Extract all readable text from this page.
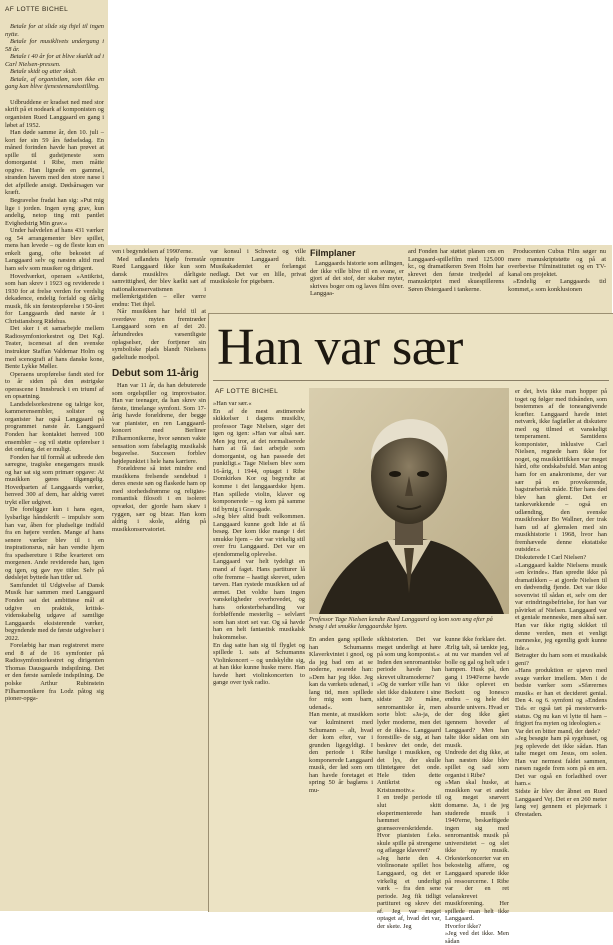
AF LOTTE BICHEL
Betale for at slide sig ihjel til ingen nytte.
Betale for musiklivets undergang i 58 år.
Betale i 40 år for at blive skældt ud i Carl Nielsen-pressen.
Betale skidt og atter skidt.
Betale, af organistløn, som ikke en gang kan blive tjenestemandsstilling.
Udbruddene er kradset ned med stor skrift på et nodeark af komponisten og organisten Rued Langgaard en gang i løbet af 1952.
Han døde samme år, den 10. juli – kort før sin 59 års fødselsdag. En måned forinden havde han prøvet at spille til gudstjeneste som domorganist i Ribe, men måtte opgive. Han lignede en gammel, stranden havem med den store næse i det afpillede ansigt. Dødsårsagen var kræft.
Begravelse fradai han sig: »Put mig lige i jorden. Ingen syng grav, kun andelig, netop ting mit pantlet Evighedstrig Min grav.«
Under halvdelen af hans 431 værker og 54 arrangementer blev spillet, mens han levede – og de fleste kun en enkelt gang, ofte bekostet af Langgaard selv og næsten altid med ham selv som musiker og dirigent.
Hovedværket, operaen »Antikrist, som han skrev i 1923 og reviderede i 1930 for at frelse verden for verdslig dekadence, endelig forfald og dårlig musik, fik sin førsteopførelse i 50-året for Langgaards død næste år i Christiansborg Ridehus.
Det sker i et samarbejde mellem Radiosymfoniorkestret og Det Kgl. Teater, iscenesat af den svenske instruktør Staffan Valdemar Holm og med scenografi af hans danske kone, Bente Lykke Møller.
Operaens uropførelse fandt sted for to år siden på den østrigske operascene i Innsbruck i en triumf af en opsætning.
Landsdelsorkestrene og talrige kor, kammerensembler, solister og organister har også Langgaard på programmet næste år. Langgaard Fonden har kontaktet henved 100 ensembler – og vil støtte opførelser i det omfang, det er muligt.
Fonden har til formål at udbrede den særegne, tragiske enegængers musik og har sat sig som primær opgave: At musikken gøres tilgængelig. Hovedparten af Langgaards værker, henved 300 af dem, har aldrig været trykt eller udgivet.
De foreligger kun i hans egen, lysbarlige håndskrift – impulsiv som han var, åben for pludselige indfald fra en højere verden. Mange af hans senere værker blev til i en inspirationsrus, når han vendte hjem fra spadsereture i Ribe kvarteret om morgenen. Ande reviderede han, igen og igen, og gav nye titler. Selv på dødslejet byttede han titler ud.
Samfundet til Udgivelse af Dansk Musik har sammen med Langgaard Fonden sat det ambitiøse mål at udgive en praktisk, kritisk-videnskabelig udgave af samtlige Langgaards eksisterende værker, begyndende med de første udgivelser i 2022.
Forelæbig har man registreret mere end 8 af de 16 symfonier på Radiosymfoniorkestret og dirigenten Thomas Dausgaards indspilning. Det er den første samlede indspilning. De polske Arthur Rubinstein Filharmonikere fra Lodz påtog sig pioner-opga-
ven i begyndelsen af 1990'erne.
Med udlandets hjælp fremstår Rued Langgaard ikke kun som dansk musiklivs dårligste samvittighed, der blev kælkt sæt af nationalkonservatismen i mellemkrigstiden – eller værre endnu: Tiet ihjel.
Når musikken har held til at overdøve myten fremtræder Langgaard som en af det 20. århundredes væsentligste oplagselser, der fortjener sin symboliske plads blandt Nielsens gadeliude modpol.
Debut som 11-årig
Han var 11 år, da han debuterede som orgelspiller og improvisator. Han var teenager, da han skrev sin første, timelange symfoni. Som 17-årig havde forældrene, der begge var pianister, en ren Langgaard-koncert med Berliner Filharmonikerne, hvor sønnen vakte sensation som fabelagtig musikalsk begavelse. Succesen forblev højdepunktet i hele hans karriere.
Forældrene så intet mindre end musikkens frelsende sendebud i deres eneste søn og flaskede ham op med storhedsdrømme og religiøs-romantisk filosofi i en isoleret opvækst, der gjorde ham skæv i ryggen, sær og bizar. Han kom aldrig i skole, aldrig på musikkonservatoriet.
var konsul i Schweiz og ville opmuntre Langgaard fidt. Musikakademiet er forlængst nedlagt. Det var en lille, privat musikskole for pigebørn.
Filmplaner
Langgaards historie som ællingen, der ikke ville blive til en svane, er gjort af det stof, der skaber myter, skrives boger om og laves film over. Langgaa-
ard Fonden har støttet planen om en Langgaard-spillefilm med 125.000 kr., og dramatikeren Sven Holm har skrevet den første tredjedel af manuskriptet med skuespillerens Søren Østergaard i tankerne.
Producenten Cubus Film søger nu mere manuskriptstøtte og på at overbevise Filminstituttet og en TV-kanal om projektet.
»Endelig er Langgaards tid kommet,« som konklusionen
Han var sær
AF LOTTE BICHEL
»Han var sær.«
En af de mest æstimerede skikkelser i dagens musikliv, professor Tage Nielsen, siger det igen og igen: »Han var altså sær. Men jeg tror, at det normaliserede ham at få fast arbejde som domorganist, og han passede det punktligt.« Tage Nielsen blev som 16-årig, i 1944, optaget i Ribe Domkirkes Kor og begyndte at komme i det langgaardske hjem. Han spillede violin, klaver og komponerede – og kom på samme tid bymig i Gravsgade.
»Jeg blev altid budt velkommen. Langgaard kunne godt lide at få besøg. Der kom ikke mange i det smukke hjem – der var virkelig stil over fru Langgaard. Det var en ejendommelig oplevelse.
Langgaard var helt tydeligt en mand af faget. Hans partiturer lå ofte fremme – hastigt skrevet, uden tæven. Han rystede musikken ud af ærmet. Det voldte ham ingen vanskeligheder overhovedet, og hans orkesterbehandling var forbløffende mesterlig – selvlært som han stort set var. Og så havde han en helt fantastisk musikalsk hukommelse.
En dag satte han sig til flyglet og spillede 1. sats af Schumanns Violinkoncert – og undskyldte sig, at han ikke kunne huske mere. Han havde hørt violinkoncerten to gange over tysk radio.
Professor Tage Nielsen kendte Rued Langgaard og kom som ung efter på besøg i det smukke langgaardske hjem.
En anden gang spillede han Schumanns Klaverkvintet i gnod, og da jeg bad om at se noderne, svarede han: »Dem har jeg ikke. Jeg kan da værkets udenad, i lang tid, men spillede for mig som barn, udenad«.
Han mente, at musikken var kulmineret med Schumann – alt, hvad der kom efter, var i grunden ligegyldigt. I den periode i Ribe komponerede Langgaard musik, der lød som om han havde foretaget et spring 50 år baglæns i mu-
sikhistorien. Det var meget underligt at høre på som ung komponist.«
Inden den senromantiske periode havde han skrevet ultramoderne?
»Og de værker ville han slet ikke diskutere i sine sidste 20 måne, senromantiske år, men sorte blot: »Ja-ja, de lyder moderne, men det er de ikke«. Langgaard forestille- de sig, at han beskrev det onde, det hæslige i musikken, og det lys, der skulle tilintetgøre det onde. Hele tiden dette Antikrist og Kristusmotiv.«
I en tredje periode til slut skitt eksperimenterede han hæmmet grænseoverskridende. Hvor pianisten f.eks. skule spille på strengene og aflægge klaveret?
»Jeg hørte den 4. violinsonate spillet hos Langgaard, og det er virkelig et underligt værk – fra den sene periode. Jeg fik tidligt partituret og skrev det af. Jeg var meget optaget af, hvad det var, der skete. Jeg
kunne ikke forklare det.
Ærlig talt, så tænkte jeg, at nu var manden vel af bolle og gal og helt ude i hampen. Husk på, den gang i 1940'erne havde vi ikke oplevet en Beckett og Ionesco endnu – og hele det absurde univers. Hvad er der dog ikke gået igennem hoveder af Langgaard? Men han talte ikke sådan om sin musik.
Undrede det dig ikke, at han næsten ikke blev spillet og sad som organist i Ribe?
»Man skal huske, at musikken var et andet og meget snævert domæne. Ja, i de jeg studerede musik i 1940'erne, beskæftigede ingen sig med senromantisk musik på universitetet – og slet ikke ny musik. Orkesterkoncerter var en bekostelig affære, og Langgaard sparede ikke på ressourcerne. I Ribe var der en ret velanskrevet musikforening. Her spillede man helt ikke Langgaard.
Hvorfor ikke?
»Jeg ved det ikke. Men sådan
er det, hvis ikke man hopper på toget og følger med tidsånden, som bestemmes af de toneangivende kræfter. Langgaard havde intet netværk, ikke fagfæller at diskutere med og tilmed et vanskeligt temperament. Samtidens komponister, inklusive Carl Nielsen, regnede ham ikke for noget, og musikkritikken var meget hård, ofte ondskabsfuld. Man antog ham for en anakronisme, der var sær på en provokerende, bagstræberisk måde. Efter hans død blev han glemt. Det er tankevækkende – også en udlænding, den svenske musikforsker Bo Wallner, der trak ham ud af glemslen med sin musikhistorie i 1968, hvor han fremhævede denne ekstatiske outsider.«
Diskuterede I Carl Nielsen?
»Langgaard kaldte Nielsens musik »en kvinde«. Han spredte ikke på dramatikken – at gjorde Nielsen til en dødvendig fjende. Det var ikke sovenvist til sådan et, selv om der var erindringsbefrielse, for han var påvirket af Nielsen. Langgaard var et geniale menneske, men altså sær. Han var ikke rigtig skikket til denne verden, men et venligt menneske, jeg egentlig godt kunne lide.«
Betragter du ham som et musikalsk geni?
»Hans produktion er ujævn med svage værker imellem. Men i de bedste værker som »Sfærernes musik« er han et decideret genial. Den 4. og 6. symfoni og »Endens Tid« er også tæt på mesterværk-status. Og nu kan vi lytte til ham – frigjort fra myten og ideologien.«
Var det en bitter mand, der døde?
»Jeg besøgte ham på sygehuset, og jeg oplevede det ikke sådan. Han talte meget om Jesus, om solen. Han var nermest faldet sammen, næsen ragede frem som på en ørn. Det var også en forladthed over ham.«
Sidste år blev der åbnet en Rued Langgaard Vej. Det er en 260 meter lang vej gennem et plejemark i Ørestaden.
